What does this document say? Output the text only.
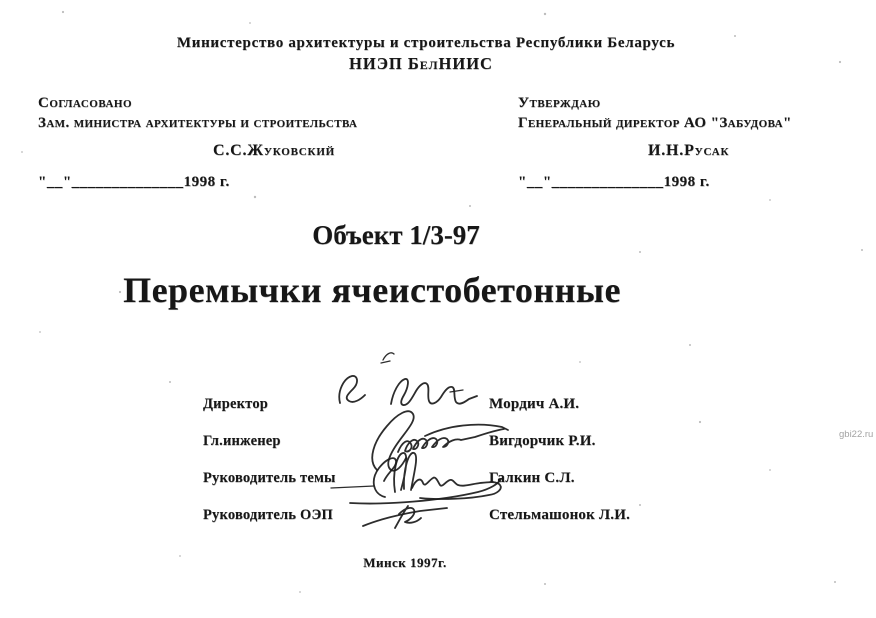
Министерство архитектуры и строительства Республики Беларусь
НИЭП БелНИИС
Согласовано
Зам. министра архитектуры и строительства
С.С.Жуковский
"__"______________1998 г.
Утверждаю
Генеральный директор АО "Забудова"
И.Н.Русак
"__"______________1998 г.
Объект 1/3-97
Перемычки ячеистобетонные
Директор	Мордич А.И.
Гл.инженер	Вигдорчик Р.И.
Руководитель темы	Галкин С.Л.
Руководитель ОЭП	Стельмашонок Л.И.
Минск 1997г.
gbi22.ru
